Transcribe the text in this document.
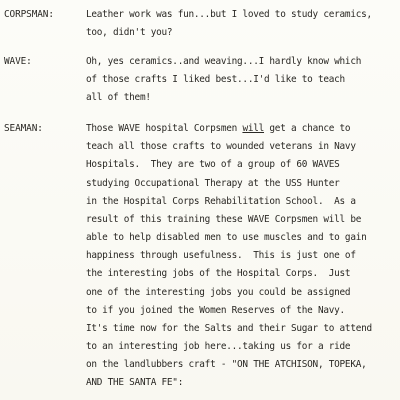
CORPSMAN:	Leather work was fun...but I loved to study ceramics,
too, didn't you?
WAVE:	Oh, yes ceramics..and weaving...I hardly know which
of those crafts I liked best...I'd like to teach
all of them!
SEAMAN:	Those WAVE hospital Corpsmen will get a chance to
teach all those crafts to wounded veterans in Navy
Hospitals.  They are two of a group of 60 WAVES
studying Occupational Therapy at the USS Hunter
in the Hospital Corps Rehabilitation School.  As a
result of this training these WAVE Corpsmen will be
able to help disabled men to use muscles and to gain
happiness through usefulness.  This is just one of
the interesting jobs of the Hospital Corps.  Just
one of the interesting jobs you could be assigned
to if you joined the Women Reserves of the Navy.
It's time now for the Salts and their Sugar to attend
to an interesting job here...taking us for a ride
on the landlubbers craft - "ON THE ATCHISON, TOPEKA,
AND THE SANTA FE":
